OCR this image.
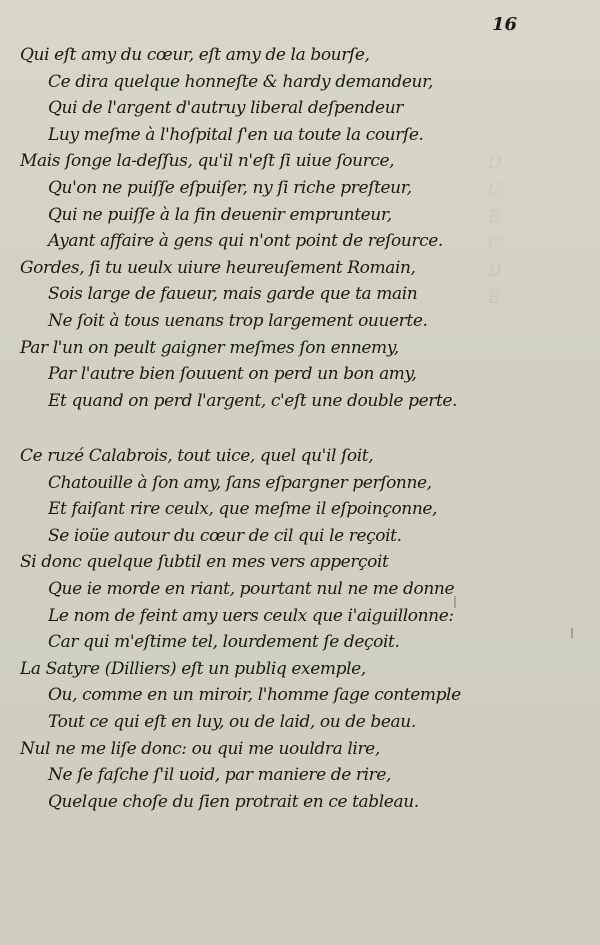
D
C
E
C
D
E
16
Qui eſt amy du cœur, eſt amy de la bourſe,
Ce dira quelque honneſte & hardy demandeur,
Qui de l'argent d'autruy liberal deſpendeur
Luy meſme à l'hoſpital ſ'en ua toute la courſe.
Mais ſonge la-deſſus, qu'il n'eſt ſi uiue ſource,
Qu'on ne puiſſe eſpuiſer, ny ſi riche preſteur,
Qui ne puiſſe à la fin deuenir emprunteur,
Ayant affaire à gens qui n'ont point de reſource.
Gordes, ſi tu ueulx uiure heureuſement Romain,
Sois large de faueur, mais garde que ta main
Ne ſoit à tous uenans trop largement ouuerte.
Par l'un on peult gaigner meſmes ſon ennemy,
Par l'autre bien ſouuent on perd un bon amy,
Et quand on perd l'argent, c'eſt une double perte.
Ce ruzé Calabrois, tout uice, quel qu'il ſoit,
Chatouille à ſon amy, ſans eſpargner perſonne,
Et faiſant rire ceulx, que meſme il eſpoinçonne,
Se ioüe autour du cœur de cil qui le reçoit.
Si donc quelque ſubtil en mes vers apperçoit
Que ie morde en riant, pourtant nul ne me donne
Le nom de feint amy uers ceulx que i'aiguillonne:
Car qui m'eſtime tel, lourdement ſe deçoit.
La Satyre (Dilliers) eſt un publiq exemple,
Ou, comme en un miroir, l'homme ſage contemple
Tout ce qui eſt en luy, ou de laid, ou de beau.
Nul ne me liſe donc: ou qui me uouldra lire,
Ne ſe faſche ſ'il uoid, par maniere de rire,
Quelque choſe du ſien protrait en ce tableau.
